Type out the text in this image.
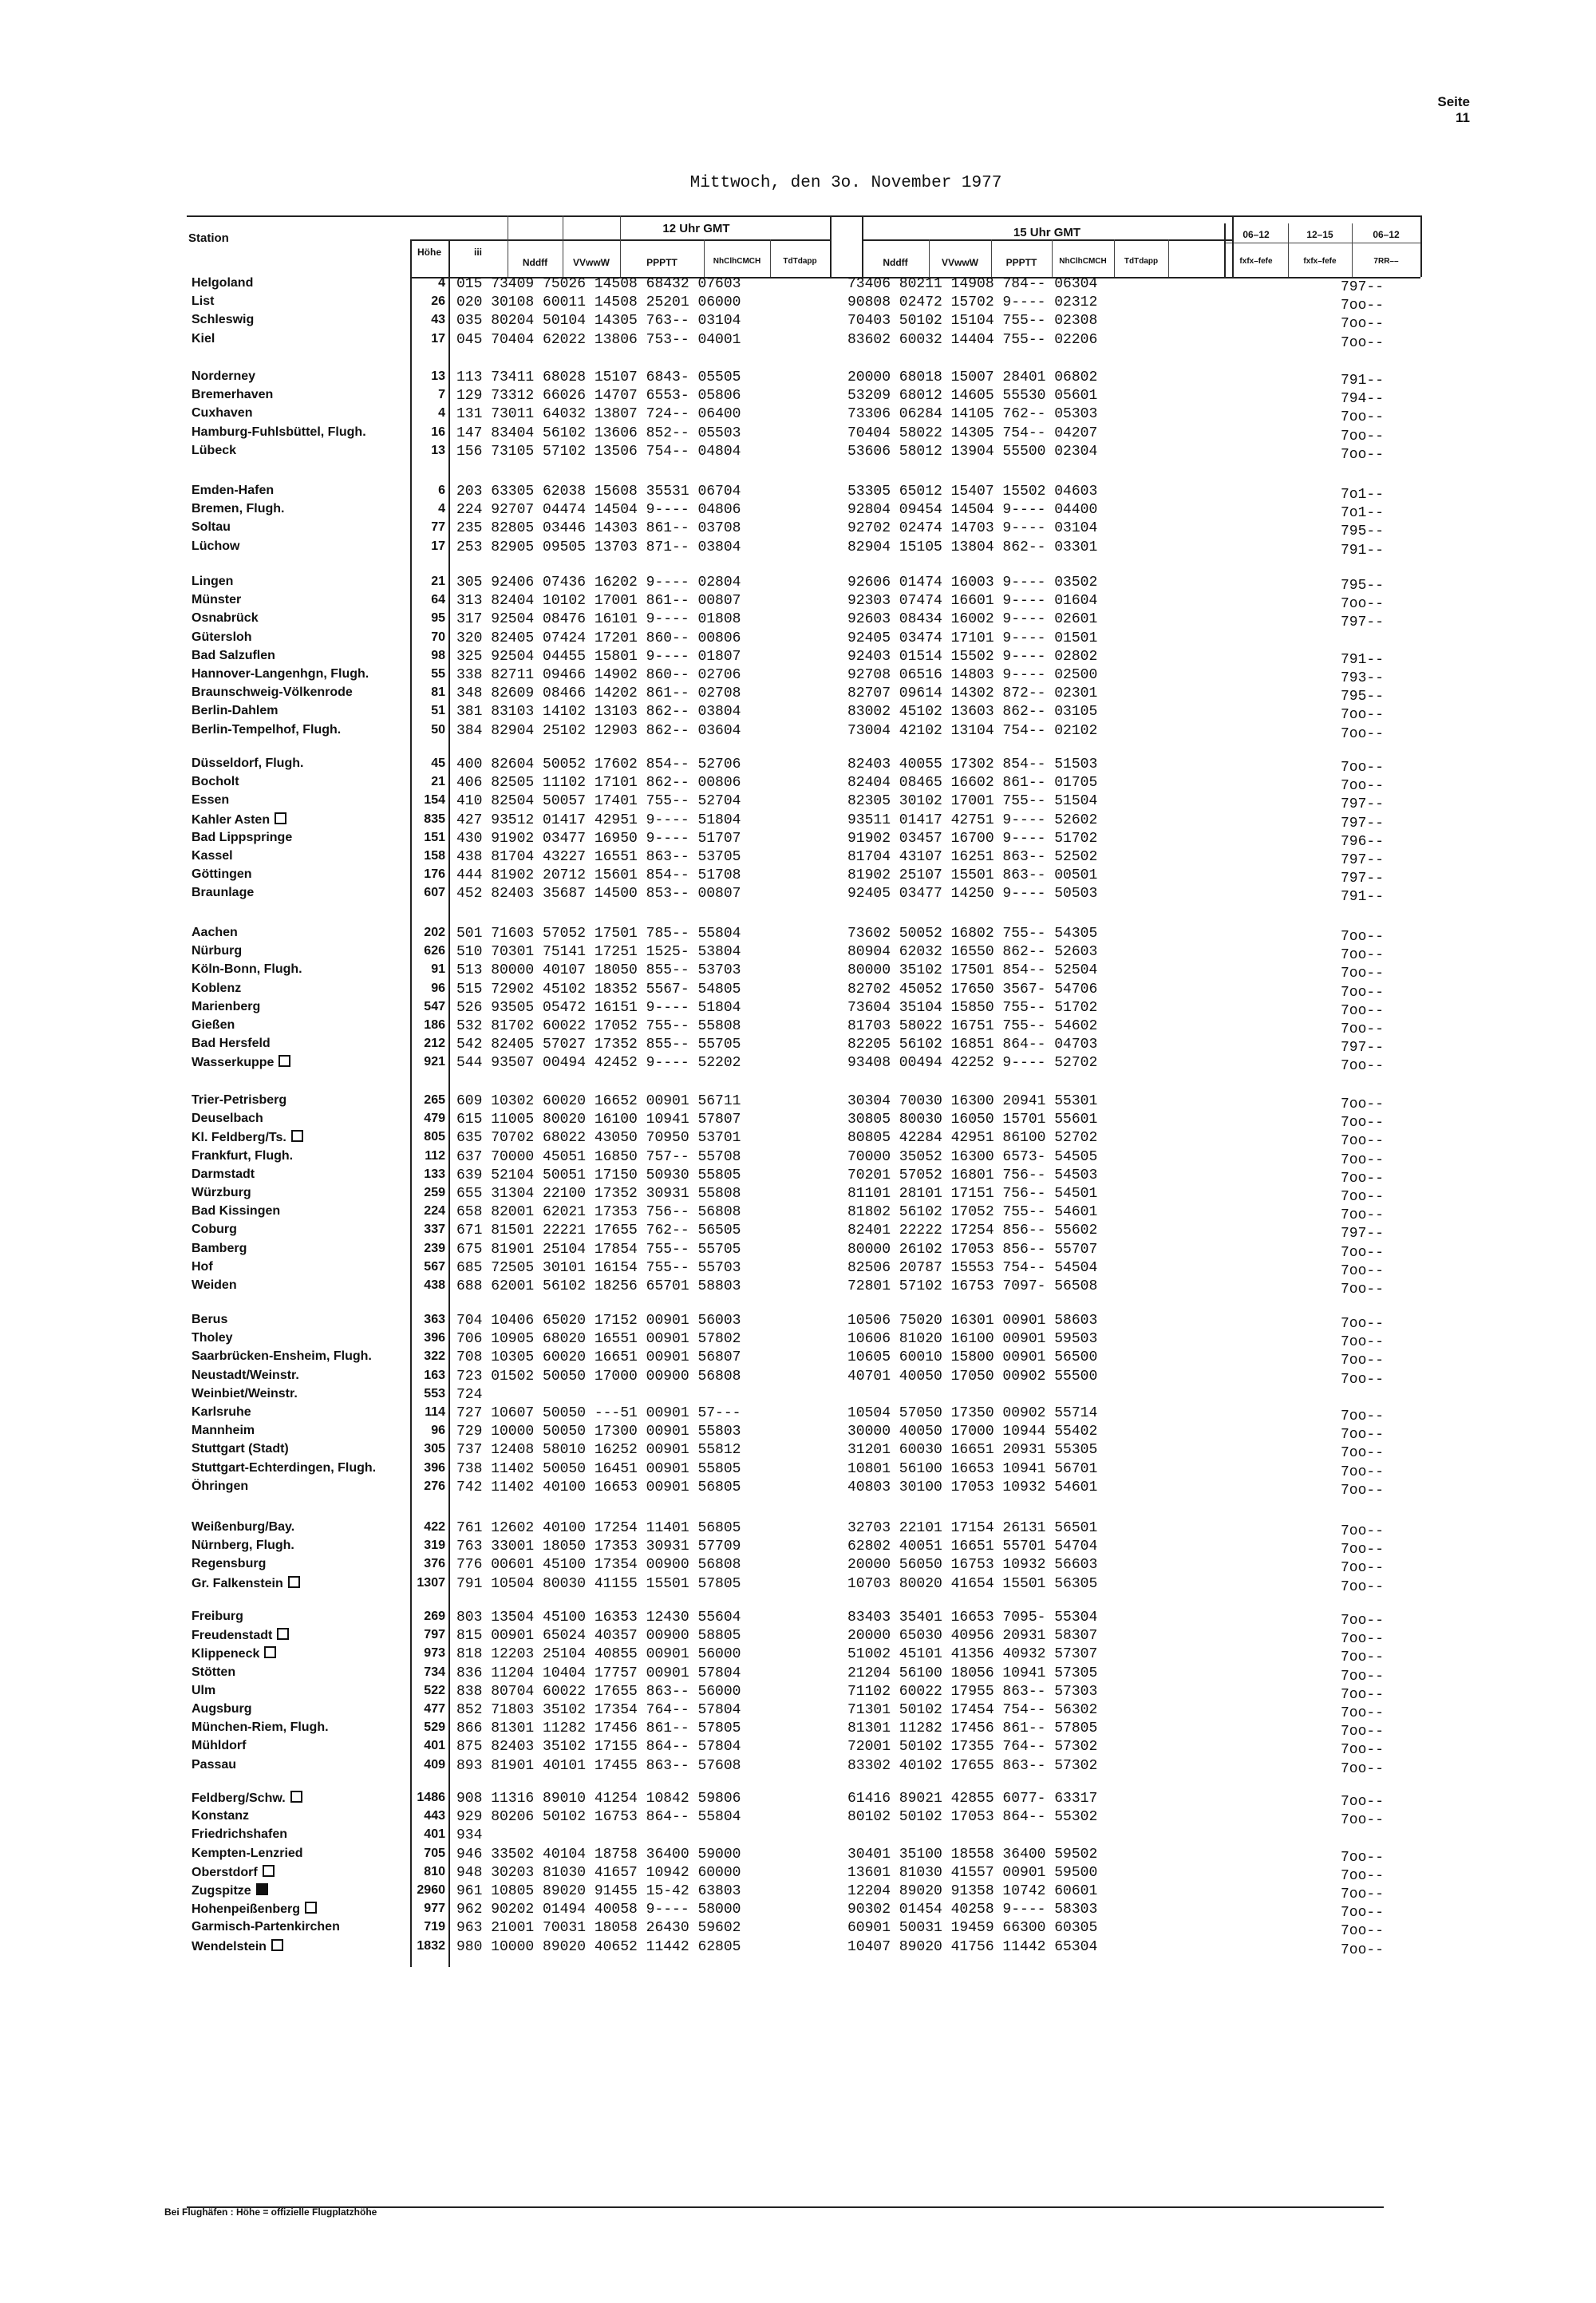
Seite 11
Mittwoch, den 3o. November 1977
Station
Höhe	iii
12 Uhr GMT	15 Uhr GMT
Nddff	VVwwW	PPPTT	NhClhCMCH	TdTdapp	Nddff	VVwwW	PPPTT	NhClhCMCH	TdTdapp
06–12	12–15	06–12
fxfx–fefe	fxfx–fefe	7RR––
Helgoland	4 015 73409 75026 14508 68432 07603	73406 80211 14908 784-- 06304	797--
List	26 020 30108 60011 14508 25201 06000	90808 02472 15702 9---- 02312	7oo--
Schleswig	43 035 80204 50104 14305 763-- 03104	70403 50102 15104 755-- 02308	7oo--
Kiel	17 045 70404 62022 13806 753-- 04001	83602 60032 14404 755-- 02206	7oo--
Norderney	13 113 73411 68028 15107 6843- 05505	20000 68018 15007 28401 06802	791--
Bremerhaven	7 129 73312 66026 14707 6553- 05806	53209 68012 14605 55530 05601	794--
Cuxhaven	4 131 73011 64032 13807 724-- 06400	73306 06284 14105 762-- 05303	7oo--
Hamburg-Fuhlsbüttel, Flugh.	16 147 83404 56102 13606 852-- 05503	70404 58022 14305 754-- 04207	7oo--
Lübeck	13 156 73105 57102 13506 754-- 04804	53606 58012 13904 55500 02304	7oo--
Emden-Hafen	6 203 63305 62038 15608 35531 06704	53305 65012 15407 15502 04603	7o1--
Bremen, Flugh.	4 224 92707 04474 14504 9---- 04806	92804 09454 14504 9---- 04400	7o1--
Soltau	77 235 82805 03446 14303 861-- 03708	92702 02474 14703 9---- 03104	795--
Lüchow	17 253 82905 09505 13703 871-- 03804	82904 15105 13804 862-- 03301	791--
Lingen	21 305 92406 07436 16202 9---- 02804	92606 01474 16003 9---- 03502	795--
Münster	64 313 82404 10102 17001 861-- 00807	92303 07474 16601 9---- 01604	7oo--
Osnabrück	95 317 92504 08476 16101 9---- 01808	92603 08434 16002 9---- 02601	797--
Gütersloh	70 320 82405 07424 17201 860-- 00806	92405 03474 17101 9---- 01501
Bad Salzuflen	98 325 92504 04455 15801 9---- 01807	92403 01514 15502 9---- 02802	791--
Hannover-Langenhgn, Flugh.	55 338 82711 09466 14902 860-- 02706	92708 06516 14803 9---- 02500	793--
Braunschweig-Völkenrode	81 348 82609 08466 14202 861-- 02708	82707 09614 14302 872-- 02301	795--
Berlin-Dahlem	51 381 83103 14102 13103 862-- 03804	83002 45102 13603 862-- 03105	7oo--
Berlin-Tempelhof, Flugh.	50 384 82904 25102 12903 862-- 03604	73004 42102 13104 754-- 02102	7oo--
Düsseldorf, Flugh.	45 400 82604 50052 17602 854-- 52706	82403 40055 17302 854-- 51503	7oo--
Bocholt	21 406 82505 11102 17101 862-- 00806	82404 08465 16602 861-- 01705	7oo--
Essen	154 410 82504 50057 17401 755-- 52704	82305 30102 17001 755-- 51504	797--
Kahler Asten	835 427 93512 01417 42951 9---- 51804	93511 01417 42751 9---- 52602	797--
Bad Lippspringe	151 430 91902 03477 16950 9---- 51707	91902 03457 16700 9---- 51702	796--
Kassel	158 438 81704 43227 16551 863-- 53705	81704 43107 16251 863-- 52502	797--
Göttingen	176 444 81902 20712 15601 854-- 51708	81902 25107 15501 863-- 00501	797--
Braunlage	607 452 82403 35687 14500 853-- 00807	92405 03477 14250 9---- 50503	791--
Aachen	202 501 71603 57052 17501 785-- 55804	73602 50052 16802 755-- 54305	7oo--
Nürburg	626 510 70301 75141 17251 1525- 53804	80904 62032 16550 862-- 52603	7oo--
Köln-Bonn, Flugh.	91 513 80000 40107 18050 855-- 53703	80000 35102 17501 854-- 52504	7oo--
Koblenz	96 515 72902 45102 18352 5567- 54805	82702 45052 17650 3567- 54706	7oo--
Marienberg	547 526 93505 05472 16151 9---- 51804	73604 35104 15850 755-- 51702	7oo--
Gießen	186 532 81702 60022 17052 755-- 55808	81703 58022 16751 755-- 54602	7oo--
Bad Hersfeld	212 542 82405 57027 17352 855-- 55705	82205 56102 16851 864-- 04703	797--
Wasserkuppe	921 544 93507 00494 42452 9---- 52202	93408 00494 42252 9---- 52702	7oo--
Trier-Petrisberg	265 609 10302 60020 16652 00901 56711	30304 70030 16300 20941 55301	7oo--
Deuselbach	479 615 11005 80020 16100 10941 57807	30805 80030 16050 15701 55601	7oo--
Kl. Feldberg/Ts.	805 635 70702 68022 43050 70950 53701	80805 42284 42951 86100 52702	7oo--
Frankfurt, Flugh.	112 637 70000 45051 16850 757-- 55708	70000 35052 16300 6573- 54505	7oo--
Darmstadt	133 639 52104 50051 17150 50930 55805	70201 57052 16801 756-- 54503	7oo--
Würzburg	259 655 31304 22100 17352 30931 55808	81101 28101 17151 756-- 54501	7oo--
Bad Kissingen	224 658 82001 62021 17353 756-- 56808	81802 56102 17052 755-- 54601	7oo--
Coburg	337 671 81501 22221 17655 762-- 56505	82401 22222 17254 856-- 55602	797--
Bamberg	239 675 81901 25104 17854 755-- 55705	80000 26102 17053 856-- 55707	7oo--
Hof	567 685 72505 30101 16154 755-- 55703	82506 20787 15553 754-- 54504	7oo--
Weiden	438 688 62001 56102 18256 65701 58803	72801 57102 16753 7097- 56508	7oo--
Berus	363 704 10406 65020 17152 00901 56003	10506 75020 16301 00901 58603	7oo--
Tholey	396 706 10905 68020 16551 00901 57802	10606 81020 16100 00901 59503	7oo--
Saarbrücken-Ensheim, Flugh.	322 708 10305 60020 16651 00901 56807	10605 60010 15800 00901 56500	7oo--
Neustadt/Weinstr.	163 723 01502 50050 17000 00900 56808	40701 40050 17050 00902 55500	7oo--
Weinbiet/Weinstr.	553 724
Karlsruhe	114 727 10607 50050 ---51 00901 57---	10504 57050 17350 00902 55714	7oo--
Mannheim	96 729 10000 50050 17300 00901 55803	30000 40050 17000 10944 55402	7oo--
Stuttgart (Stadt)	305 737 12408 58010 16252 00901 55812	31201 60030 16651 20931 55305	7oo--
Stuttgart-Echterdingen, Flugh.	396 738 11402 50050 16451 00901 55805	10801 56100 16653 10941 56701	7oo--
Öhringen	276 742 11402 40100 16653 00901 56805	40803 30100 17053 10932 54601	7oo--
Weißenburg/Bay.	422 761 12602 40100 17254 11401 56805	32703 22101 17154 26131 56501	7oo--
Nürnberg, Flugh.	319 763 33001 18050 17353 30931 57709	62802 40051 16651 55701 54704	7oo--
Regensburg	376 776 00601 45100 17354 00900 56808	20000 56050 16753 10932 56603	7oo--
Gr. Falkenstein	1307 791 10504 80030 41155 15501 57805	10703 80020 41654 15501 56305	7oo--
Freiburg	269 803 13504 45100 16353 12430 55604	83403 35401 16653 7095- 55304	7oo--
Freudenstadt	797 815 00901 65024 40357 00900 58805	20000 65030 40956 20931 58307	7oo--
Klippeneck	973 818 12203 25104 40855 00901 56000	51002 45101 41356 40932 57307	7oo--
Stötten	734 836 11204 10404 17757 00901 57804	21204 56100 18056 10941 57305	7oo--
Ulm	522 838 80704 60022 17655 863-- 56000	71102 60022 17955 863-- 57303	7oo--
Augsburg	477 852 71803 35102 17354 764-- 57804	71301 50102 17454 754-- 56302	7oo--
München-Riem, Flugh.	529 866 81301 11282 17456 861-- 57805	81301 11282 17456 861-- 57805	7oo--
Mühldorf	401 875 82403 35102 17155 864-- 57804	72001 50102 17355 764-- 57302	7oo--
Passau	409 893 81901 40101 17455 863-- 57608	83302 40102 17655 863-- 57302	7oo--
Feldberg/Schw.	1486 908 11316 89010 41254 10842 59806	61416 89021 42855 6077- 63317	7oo--
Konstanz	443 929 80206 50102 16753 864-- 55804	80102 50102 17053 864-- 55302	7oo--
Friedrichshafen	401 934
Kempten-Lenzried	705 946 33502 40104 18758 36400 59000	30401 35100 18558 36400 59502	7oo--
Oberstdorf	810 948 30203 81030 41657 10942 60000	13601 81030 41557 00901 59500	7oo--
Zugspitze	2960 961 10805 89020 91455 15-42 63803	12204 89020 91358 10742 60601	7oo--
Hohenpeißenberg	977 962 90202 01494 40058 9---- 58000	90302 01454 40258 9---- 58303	7oo--
Garmisch-Partenkirchen	719 963 21001 70031 18058 26430 59602	60901 50031 19459 66300 60305	7oo--
Wendelstein	1832 980 10000 89020 40652 11442 62805	10407 89020 41756 11442 65304	7oo--
Bei Flughäfen : Höhe = offizielle Flugplatzhöhe
